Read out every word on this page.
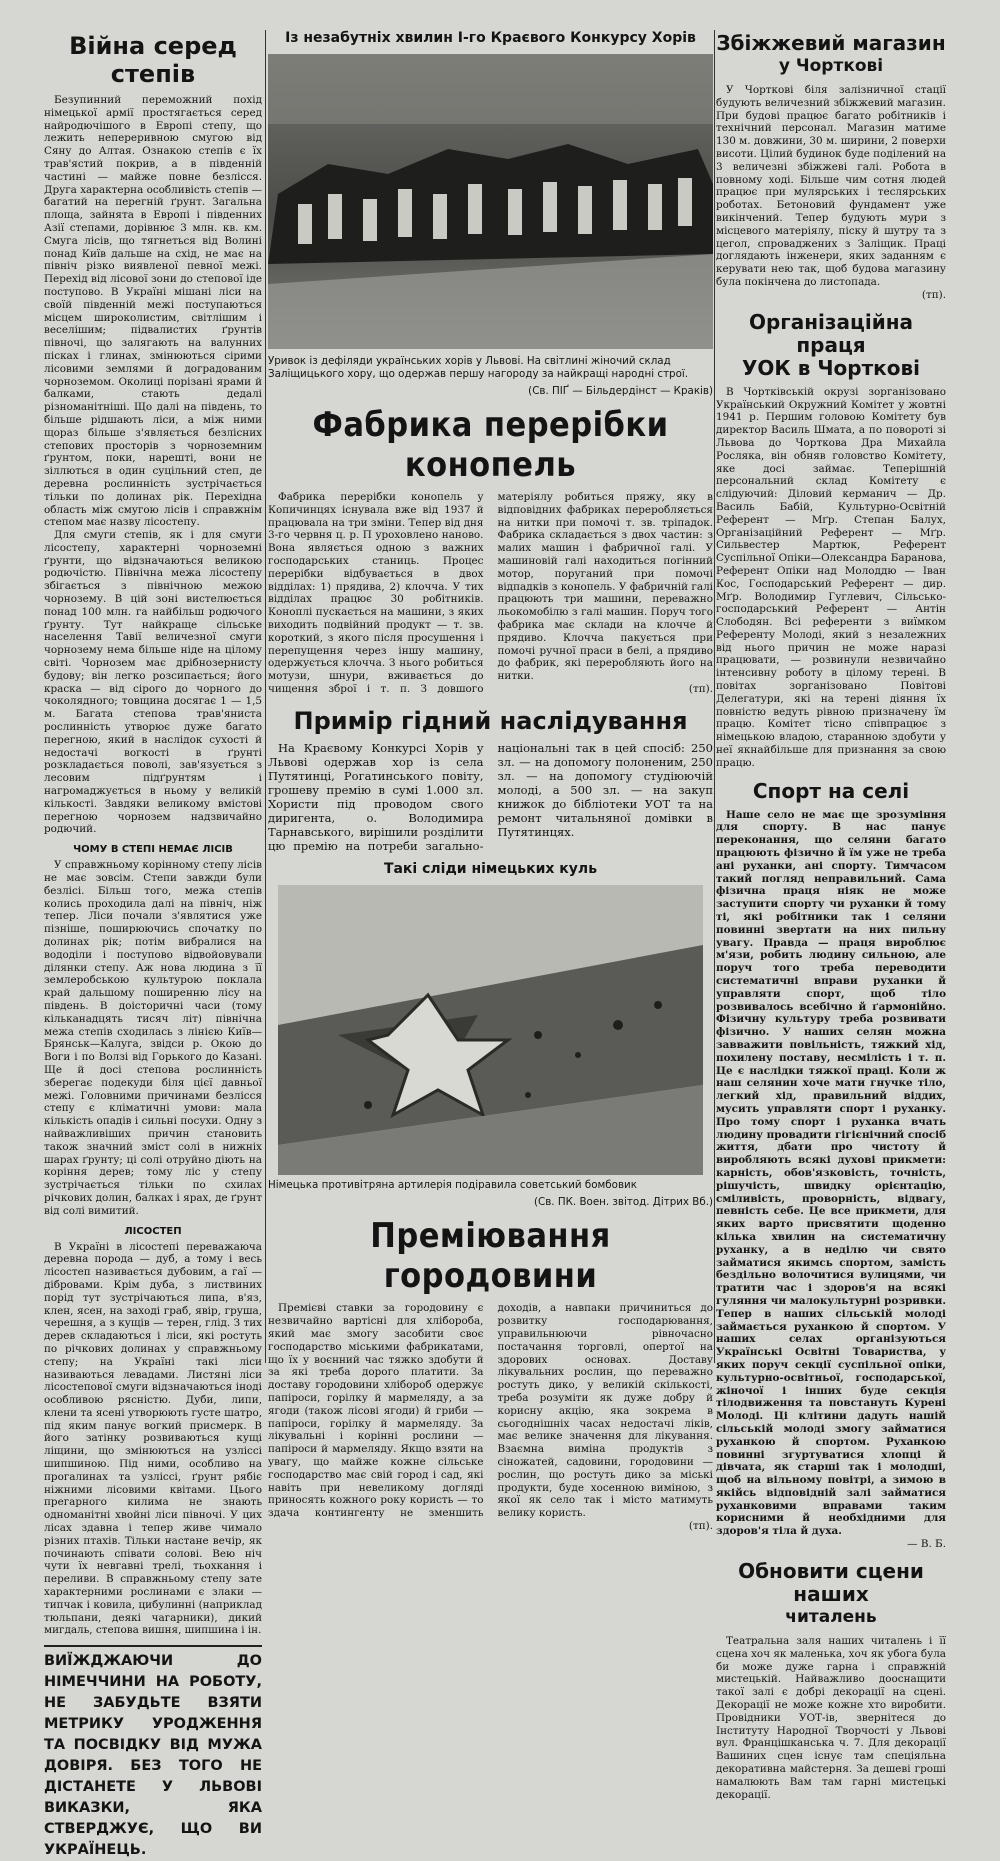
Війна серед степів

Безупинний переможний похід німецької армії простягається серед найродючішого в Европі степу, що лежить непереривною смугою від Сяну до Алтая. Ознакою степів є їх трав'ястий покрив, а в південній частині — майже повне безлісся. Друга характерна особливість степів — багатий на перегній ґрунт. Загальна площа, зайнята в Европі і південних Азії степами, дорівнює 3 млн. кв. км. Смуга лісів, що тягнеться від Волині понад Київ дальше на схід, не має на північ різко виявленої певної межі. Перехід від лісової зони до степової іде поступово. В Україні мішані ліси на своїй південній межі поступаються місцем широколистим, світлішим і веселішим; підвалистих ґрунтів півночі, що залягають на валунних пісках і глинах, змінюються сірими лісовими землями й доградованим чорноземом. Околиці порізані ярами й балками, стають дедалі різноманітніші. Що далі на південь, то більше рідшають ліси, а між ними щораз більше з'являється безлісних степових просторів з чорноземним ґрунтом, поки, нарешті, вони не зіллються в один суцільний степ, де деревна рослинність зустрічається тільки по долинах рік. Перехідна область між смугою лісів і справжнім степом має назву лісостепу.

Для смуги степів, як і для смуги лісостепу, характерні чорноземні ґрунти, що відзначаються великою родючістю. Північна межа лісостепу збігається з північною межою чорнозему. В цій зоні вистелюється понад 100 млн. га найбільш родючого ґрунту. Тут найкраще сільське населення Тавії величезної смуги чорнозему нема більше ніде на цілому світі. Чорнозем має дрібнозернисту будову; він легко розсипається; його краска — від сірого до чорного до чоколядного; товщина досягає 1 — 1,5 м. Багата степова трав'яниста рослинність утворює дуже багато перегною, який в наслідок сухості й недостачі вогкості в ґрунті розкладається поволі, зав'язується з лесовим підґрунтям і нагромаджується в ньому у великій кількості. Завдяки великому вмістові перегною чорнозем надзвичайно родючий.

ЧОМУ В СТЕПІ НЕМАЄ ЛІСІВ

У справжньому корінному степу лісів не має зовсім. Степи завжди були безлісі. Більш того, межа степів колись проходила далі на північ, ніж тепер. Ліси почали з'являтися уже пізніше, поширюючись спочатку по долинах рік; потім вибралися на вододіли і поступово відвойовували ділянки степу. Аж нова людина з її землеробською культурою поклала край дальшому поширенню лісу на південь. В доісторичні часи (тому кільканадцять тисяч літ) північна межа степів сходилась з лінією Київ—Брянськ—Калуга, звідси р. Окою до Воги і по Волзі від Горького до Казані. Ще й досі степова рослинність зберегає подекуди біля цієї давньої межі. Головними причинами безлісся степу є кліматичні умови: мала кількість опадів і сильні посухи. Одну з найважливіших причин становить також значний зміст солі в нижніх шарах ґрунту; ці солі отруйно діють на коріння дерев; тому ліс у степу зустрічається тільки по схилах річкових долин, балках і ярах, де ґрунт від солі вимитий.

ЛІСОСТЕП

В Україні в лісостепі переважаюча деревна порода — дуб, а тому і весь лісостеп називається дубовим, а гаї — дібровами. Крім дуба, з листвиних порід тут зустрічаються липа, в'яз, клен, ясен, на заході граб, явір, груша, черешня, а з кущів — терен, глід. З тих дерев складаються і ліси, які ростуть по річкових долинах у справжньому степу; на Україні такі ліси називаються левадами. Листяні ліси лісостепової смуги відзначаються іноді особливою рясністю. Дуби, липи, клени та ясені утворюють густе шатро, під яким панує вогкий присмерк. В його затінку розвиваються кущі ліщини, що змінюються на узліссі шипшиною. Під ними, особливо на прогалинах та узліссі, ґрунт рябіє ніжними лісовими квітами. Цього прегарного килима не знають одноманітні хвойні ліси півночі. У цих лісах здавна і тепер живе чимало різних птахів. Тільки настане вечір, як починають співати солові. Вею ніч чути їх невгавні трелі, тьохкання і переливи. В справжньому степу зате характерними рослинами є злаки — типчак і ковила, цибулинні (наприклад тюльпани, деякі чагарники), дикий мигдаль, степова вишня, шипшина і ін.

ВИЇЖДЖАЮЧИ ДО НІМЕЧЧИНИ НА РОБОТУ, НЕ ЗАБУДЬТЕ ВЗЯТИ МЕТРИКУ УРОДЖЕННЯ ТА ПОСВІДКУ ВІД МУЖА ДОВІРЯ. БЕЗ ТОГО НЕ ДІСТАНЕТЕ У ЛЬВОВІ ВИКАЗКИ, ЯКА СТВЕРДЖУЄ, ЩО ВИ УКРАЇНЕЦЬ.
Із незабутніх хвилин І-го Краєвого Конкурсу Хорів
Уривок із дефіляди українських хорів у Львові. На світлині жіночий склад Заліщицького хору, що одержав першу нагороду за найкращі народні строї.
(Св. ПІҐ — Більдердінст — Краків)
Фабрика перерібки конопель

Фабрика перерібки конопель у Копичинцях існувала вже від 1937 й працювала на три зміни. Тепер від дня 3-го червня ц. р. П уроховлено наново. Вона являється одною з важних господарських станиць. Процес перерібки відбувається в двох відділах: 1) прядива, 2) клочча. У тих відділах працює 30 робітників. Коноплі пускається на машини, з яких виходить подвійний продукт — т. зв. короткий, з якого після просушення і перепущення через іншу машину, одержується клочча. З нього робиться мотузи, шнури, вживається до чищення зброї і т. п. З довшого матеріялу робиться пряжу, яку в відповідних фабриках переробляється на нитки при помочі т. зв. тріпадок. Фабрика складається з двох частин: з малих машин і фабричної галі. У машиновій галі находиться погінний мотор, поруганий при помочі відпадків з конопель. У фабричній галі працюють три машини, переважно льокомобілю з галі машин. Поруч того фабрика має склади на клочче й прядиво. Клочча пакується при помочі ручної праси в белі, а прядиво до фабрик, які переробляють його на нитки.

(тп).
Примір гідний наслідування

На Краєвому Конкурсі Хорів у Львові одержав хор із села Путятинці, Рогатинського повіту, грошеву премію в сумі 1.000 зл. Хористи під проводом свого диригента, о. Володимира Тарнавського, вирішили розділити цю премію на потреби загально-національні так в цей спосіб: 250 зл. — на допомогу полоненим, 250 зл. — на допомогу студіюючій молоді, а 500 зл. — на закуп книжок до бібліотеки УОТ та на ремонт читальняної домівки в Путятинцях.

Такі сліди німецьких куль
Німецька противітряна артилерія подіравила советський бомбовик
(Св. ПК. Воен. звітод. Дітрих Вб.)
Преміювання городовини

Премієві ставки за городовину є незвичайно вартісні для хлібороба, який має змогу засобити своє господарство міськими фабрикатами, що їх у воєнний час тяжко здобути й за які треба дорого платити. За доставу городовини хлібороб одержує папіроси, горілку й мармеляду, а за ягоди (також лісові ягоди) й гриби — папіроси, горілку й мармеляду. За лікувальні і корінні рослини — папіроси й мармеляду. Якщо взяти на увагу, що майже кожне сільське господарство має свій город і сад, які навіть при невеликому догляді приносять кожного року користь — то здача контингенту не зменшить доходів, а навпаки причиниться до розвитку господарювання, управильнюючи рівночасно постачання торговлі, опертої на здорових основах. Доставу лікувальних рослин, що переважно ростуть дико, у великій скількості, треба розуміти як дуже добру й корисну акцію, яка зокрема в сьогоднішніх часах недостачі ліків, має велике значення для лікування. Взаємна виміна продуктів з сіножатей, садовини, городовини — рослин, що ростуть дико за міські продукти, буде хосенною виміною, з якої як село так і місто матимуть велику користь.

(тп).
Збіжжевий магазин
у Чорткові

У Чорткові біля залізничної стації будують величезний збіжжевий магазин. При будові працює багато робітників і технічний персонал. Магазин матиме 130 м. довжини, 30 м. ширини, 2 поверхи висоти. Цілий будинок буде поділений на 3 величезні збіжжеві галі. Робота в повному ході. Більше чим сотня людей працює при мулярських і теслярських роботах. Бетоновий фундамент уже викінчений. Тепер будують мури з місцевого матеріялу, піску й шутру та з цегол, спроваджених з Заліщик. Праці доглядають інженери, яких заданням є керувати нею так, щоб будова магазину була покінчена до листопада.

(тп).
Організаційна праця
УОК в Чорткові

В Чортківській окрузі зорганізовано Український Окружний Комітет у жовтні 1941 р. Першим головою Комітету був директор Василь Шмата, а по повороті зі Львова до Чорткова Дра Михайла Росляка, він обняв головство Комітету, яке досі займає. Теперішній персональний склад Комітету є слідуючий: Діловий керманич — Др. Василь Бабій, Культурно-Освітній Референт — Мґр. Степан Балух, Організаційний Референт — Мґр. Сильвестер Мартюк, Референт Суспільної Опіки—Олександра Баранова, Референт Опіки над Молоддю — Іван Кос, Господарський Референт — дир. Мґр. Володимир Гуглевич, Сільсько-господарський Референт — Антін Слободян. Всі референти з виїмком Референту Молоді, який з незалежних від нього причин не може наразі працювати, — розвинули незвичайно інтенсивну роботу в цілому терені. В повітах зорганізовано Повітові Делегатури, які на терені діяння їх повністю ведуть рівною призначену їм працю. Комітет тісно співпрацює з німецькою владою, старанною здобути у неї якнайбільше для признання за свою працю.

Спорт на селі

Наше село не має ще зрозуміння для спорту. В нас панує переконання, що селяни багато працюють фізично й їм уже не треба ані руханки, ані спорту. Тимчасом такий погляд неправильний. Сама фізична праця ніяк не може заступити спорту чи руханки й тому ті, які робітники так і селяни повинні звертати на них пильну увагу. Правда — праця вироблює м'язи, робить людину сильною, але поруч того треба переводити систематичні вправи руханки й управляти спорт, щоб тіло розвивалось всебічно й ґармонійно. Фізичну культуру треба розвивати фізично. У наших селян можна завважити повільність, тяжкий хід, похилену поставу, несмілість і т. п. Це є наслідки тяжкої праці. Коли ж наш селянин хоче мати гнучке тіло, легкий хід, правильний віддих, мусить управляти спорт і руханку. Про тому спорт і руханка вчать людину провадити гігієнічний спосіб життя, дбати про чистоту й виробляють всякі духові прикмети: карність, обов'язковість, точність, рішучість, швидку орієнтацію, сміливість, проворність, відвагу, певність себе. Це все прикмети, для яких варто присвятити щоденно кілька хвилин на систематичну руханку, а в неділю чи свято займатися якимсь спортом, замість бездільно волочитися вулицями, чи тратити час і здоров'я на всякі гуляння чи малокультурні розривки. Тепер в наших сільській молоді займається руханкою й спортом. У наших селах організуються Українські Освітні Товариства, у яких поруч секції суспільної опіки, культурно-освітньої, господарської, жіночої і інших буде секція тілодвиження та повстануть Курені Молоді. Ці клітини дадуть нашій сільській молоді змогу займатися руханкою й спортом. Руханкою повинні згуртуватися хлопці й дівчата, як старші так і молодші, щоб на вільному повітрі, а зимою в якійсь відповідній залі займатися руханковими вправами таким корисними й необхідними для здоров'я тіла й духа.

— В. Б.
Обновити сцени наших
читалень

Театральна заля наших читалень і її сцена хоч як маленька, хоч як убога була би може дуже гарна і справжній мистецькій. Найважливо дооснащити такої залі є добрі декорації на сцені. Декорації не може кожне хто виробити. Провідники УОТ-ів, звернітеся до Інституту Народної Творчості у Львові вул. Францішканська ч. 7. Для декорації Вашиних сцен існує там спеціяльна декоративна майстерня. За дешеві гроші намалюють Вам там гарні мистецькі декорації.
